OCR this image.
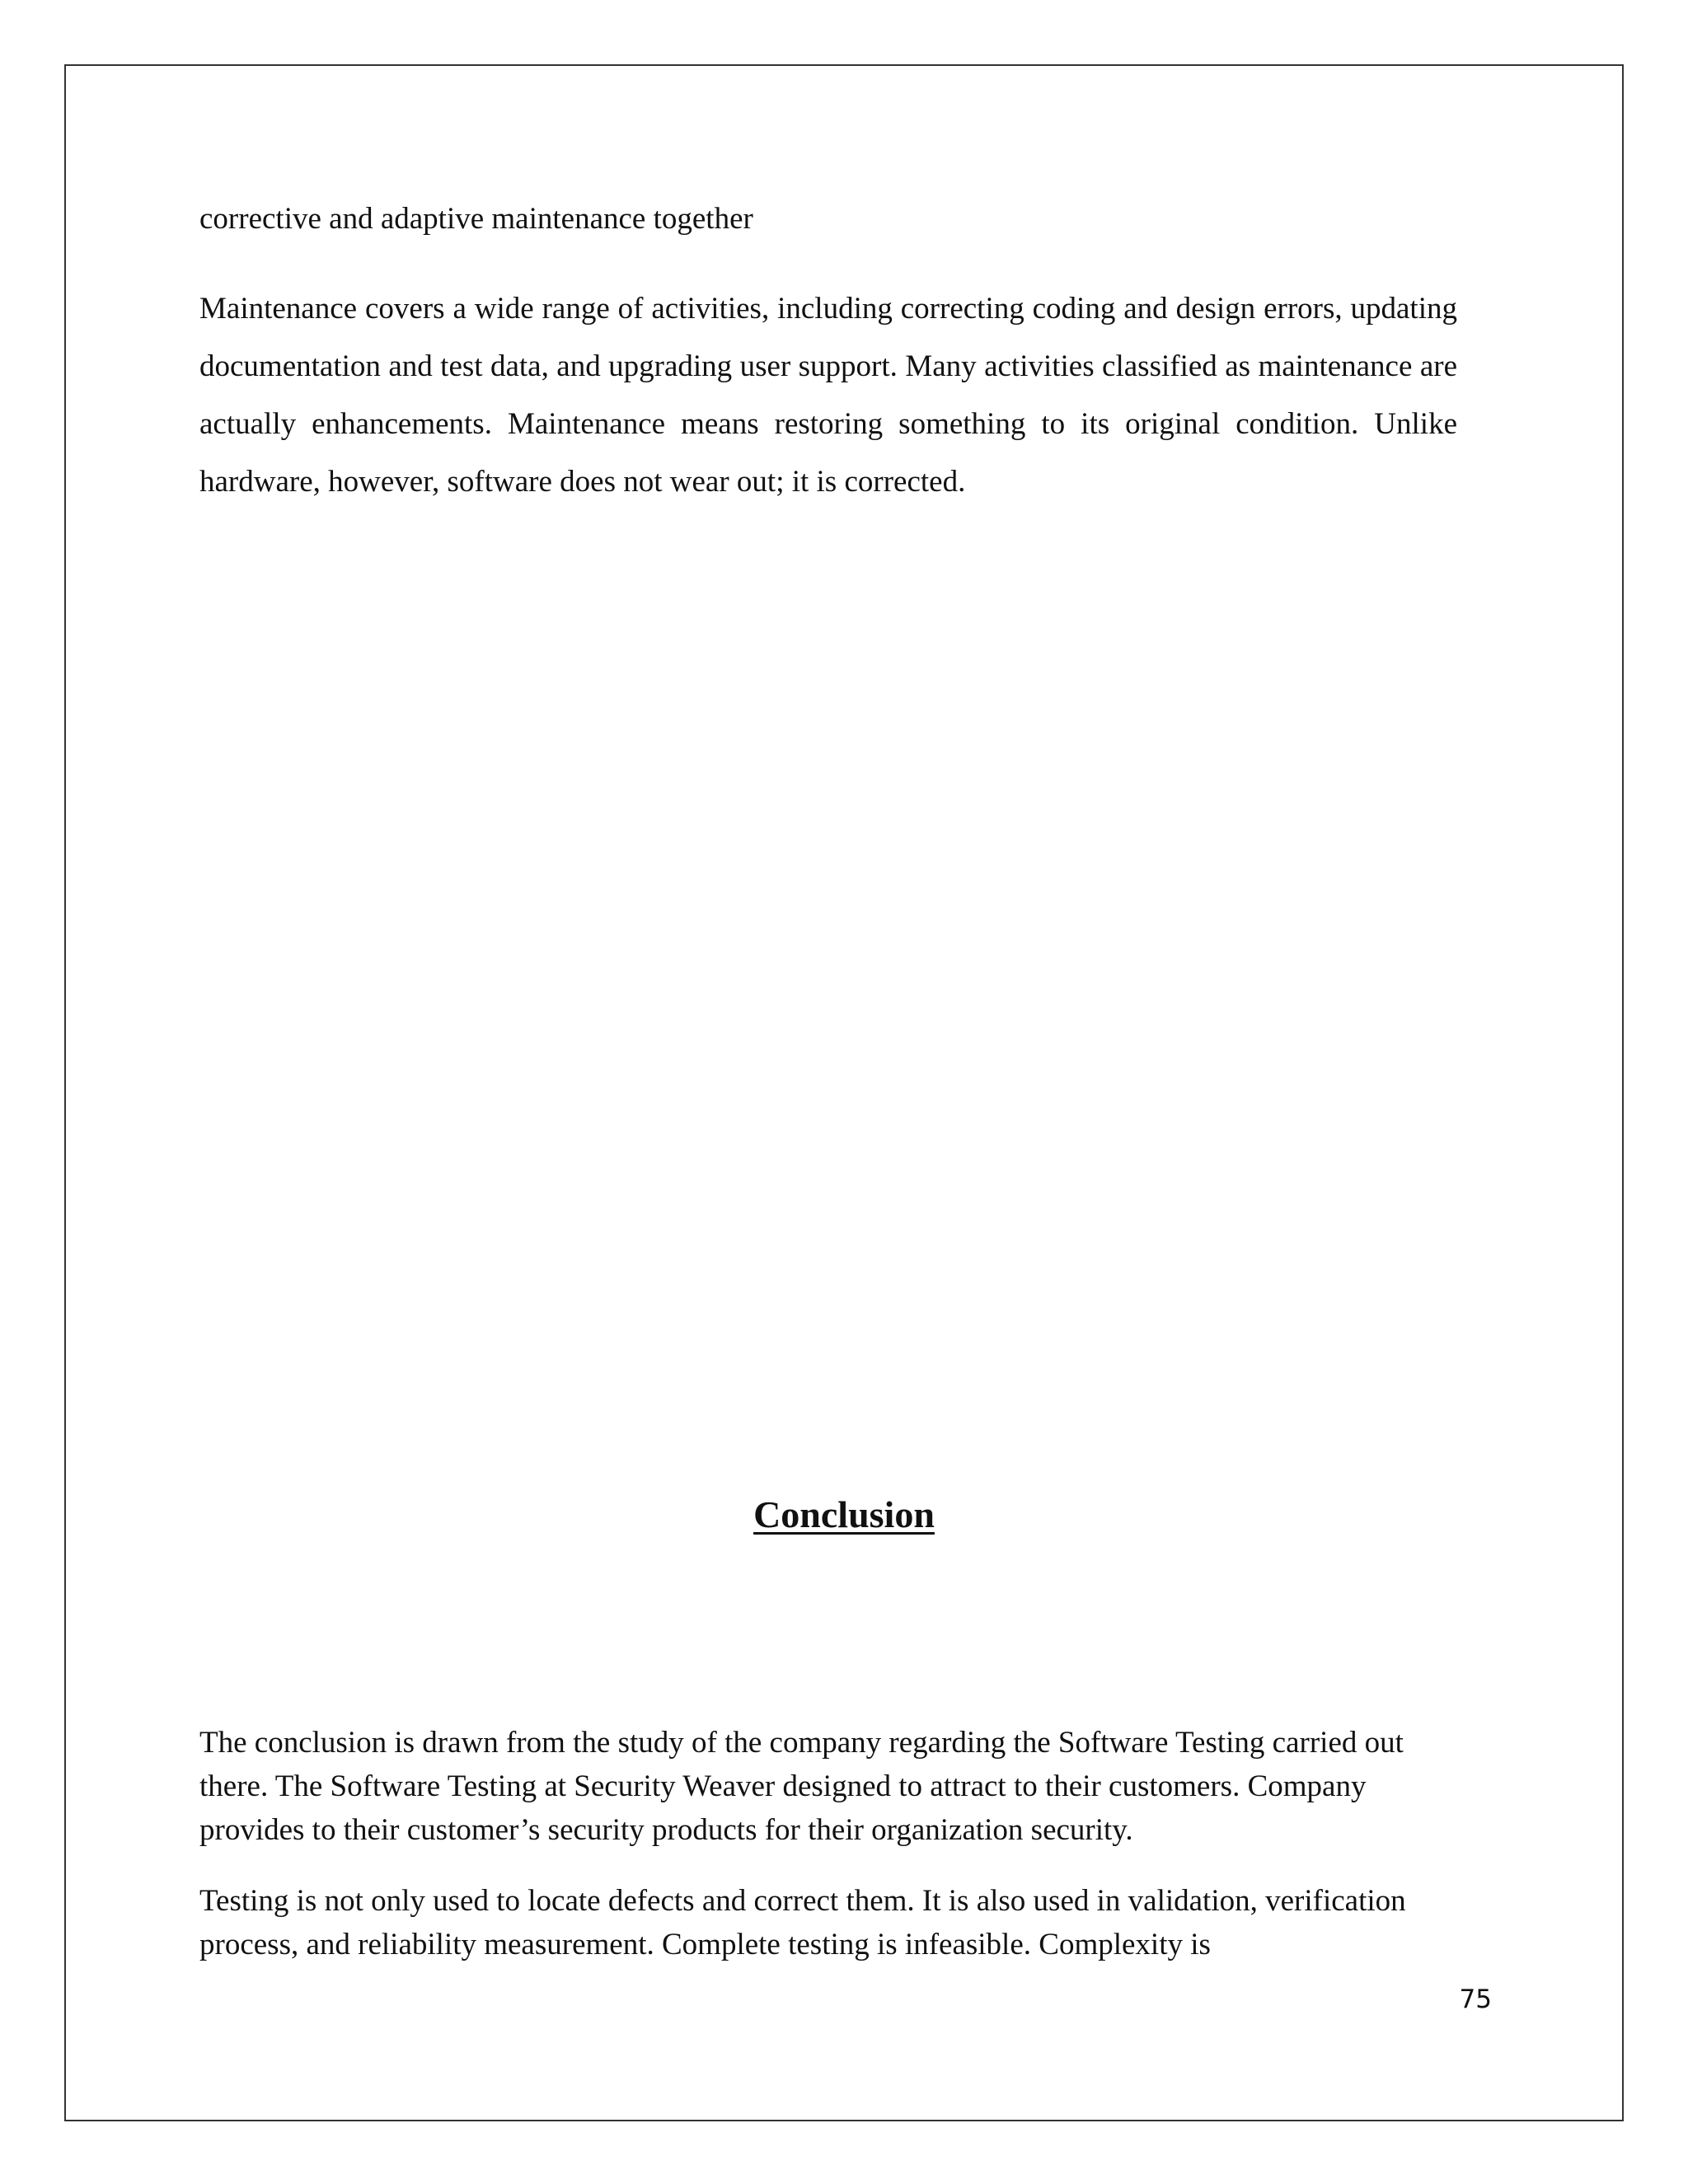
corrective and adaptive maintenance together

Maintenance covers a wide range of activities, including correcting coding and design errors, updating documentation and test data, and upgrading user support. Many activities classified as maintenance are actually enhancements. Maintenance means restoring something to its original condition. Unlike hardware, however, software does not wear out; it is corrected.

Conclusion

The conclusion is drawn from the study of the company regarding the Software Testing carried out there. The Software Testing at Security Weaver designed to attract to their customers. Company provides to their customer’s security products for their organization security.

Testing is not only used to locate defects and correct them. It is also used in validation, verification process, and reliability measurement. Complete testing is infeasible. Complexity is

75
